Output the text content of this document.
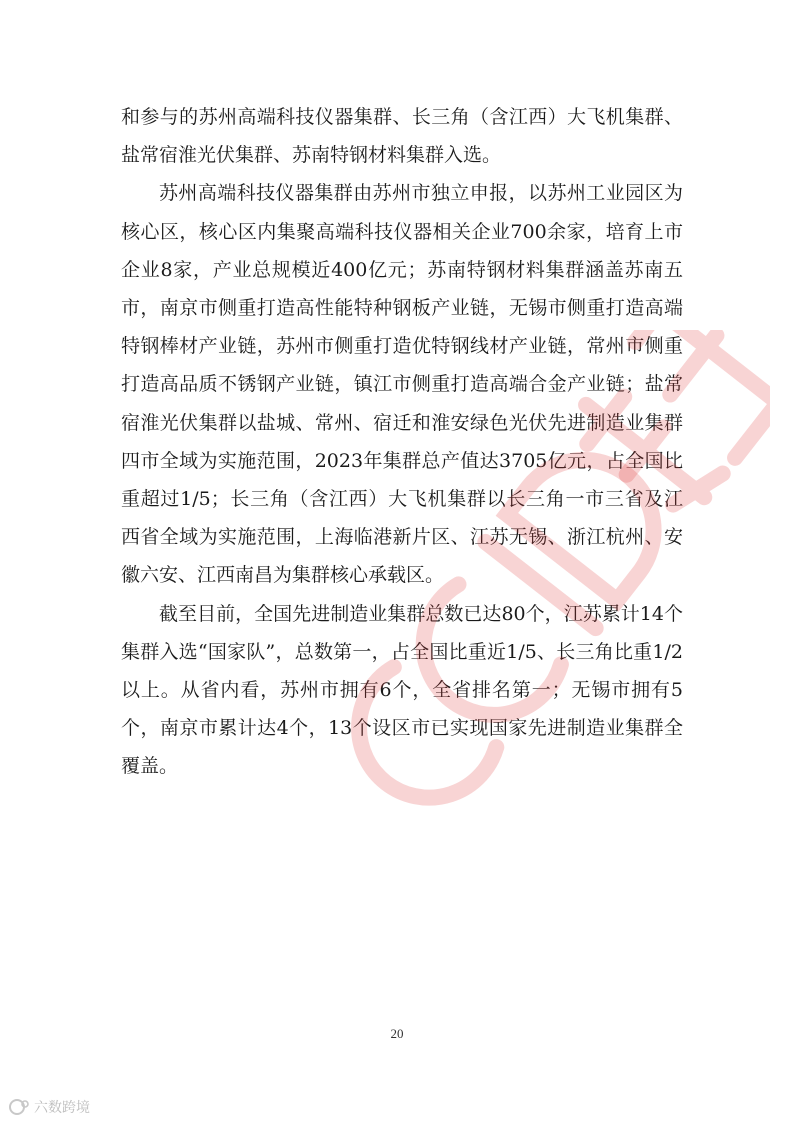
和参与的苏州高端科技仪器集群、长三角（含江西）大飞机集群、盐常宿淮光伏集群、苏南特钢材料集群入选。

苏州高端科技仪器集群由苏州市独立申报，以苏州工业园区为核心区，核心区内集聚高端科技仪器相关企业700余家，培育上市企业8家，产业总规模近400亿元；苏南特钢材料集群涵盖苏南五市，南京市侧重打造高性能特种钢板产业链，无锡市侧重打造高端特钢棒材产业链，苏州市侧重打造优特钢线材产业链，常州市侧重打造高品质不锈钢产业链，镇江市侧重打造高端合金产业链；盐常宿淮光伏集群以盐城、常州、宿迁和淮安绿色光伏先进制造业集群四市全域为实施范围，2023年集群总产值达3705亿元，占全国比重超过1/5；长三角（含江西）大飞机集群以长三角一市三省及江西省全域为实施范围，上海临港新片区、江苏无锡、浙江杭州、安徽六安、江西南昌为集群核心承载区。

截至目前，全国先进制造业集群总数已达80个，江苏累计14个集群入选“国家队”，总数第一，占全国比重近1/5、长三角比重1/2以上。从省内看，苏州市拥有6个，全省排名第一；无锡市拥有5个，南京市累计达4个，13个设区市已实现国家先进制造业集群全覆盖。

20
六数跨境
